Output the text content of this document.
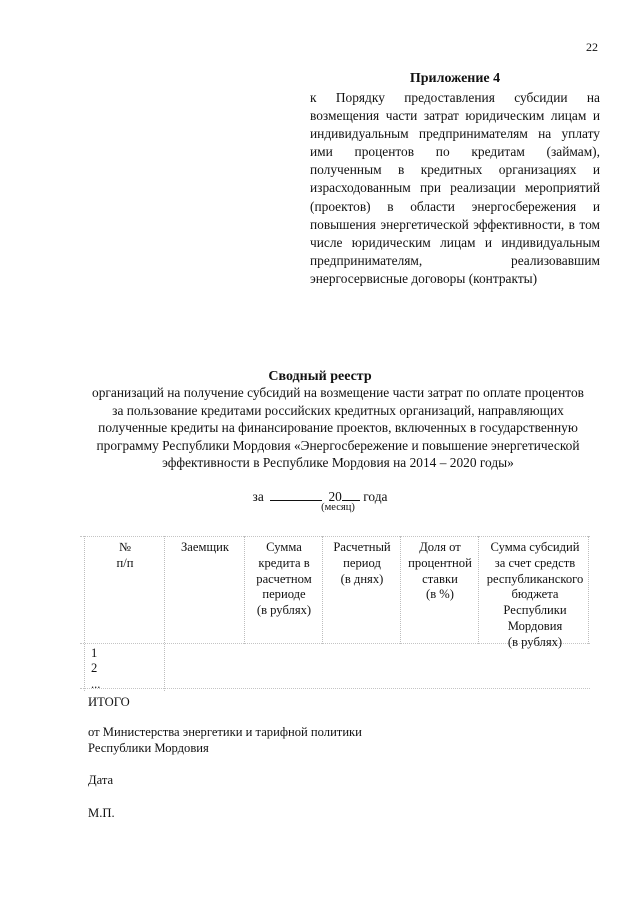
22
Приложение 4
к Порядку предоставления субсидии на возмещения части затрат юридическим лицам и индивидуальным предпринимателям на уплату ими процентов по кредитам (займам), полученным в кредитных организациях и израсходованным при реализации мероприятий (проектов) в области энергосбережения и повышения энергетической эффективности, в том числе юридическим лицам и индивидуальным предпринимателям, реализовавшим энергосервисные договоры (контракты)
Сводный реестр
организаций на получение субсидий на возмещение части затрат по оплате процентов за пользование кредитами российских кредитных организаций, направляющих полученные кредиты на финансирование проектов, включенных в государственную программу Республики Мордовия «Энергосбережение и повышение энергетической эффективности в Республике Мордовия на 2014 – 2020 годы»
за	20 года
(месяц)
№
п/п
Заемщик	Сумма
кредита в
расчетном
периоде
(в рублях)
Расчетный
период
(в днях)
Доля от
процентной
ставки
(в %)
Сумма субсидий
за счет средств
республиканского
бюджета
Республики
Мордовия
(в рублях)
1
2
...
ИТОГО
от Министерства энергетики и тарифной политики
Республики Мордовия
Дата
М.П.
